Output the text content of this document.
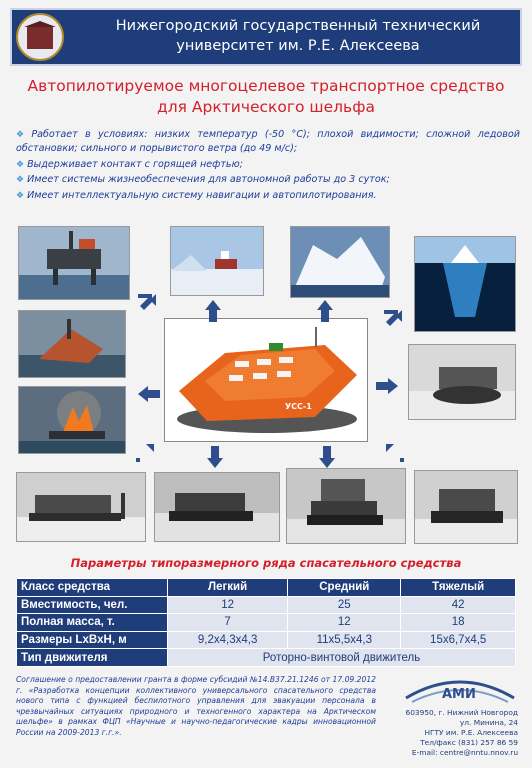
Нижегородский государственный технический
университет им. Р.Е. Алексеева
Автопилотируемое многоцелевое транспортное средство
для Арктического шельфа
❖ Работает в условиях: низких температур (-50 °С); плохой видимости; сложной ледовой обстановки; сильного и порывистого ветра (до 49 м/с);
❖ Выдерживает контакт с горящей нефтью;
❖ Имеет системы жизнеобеспечения для автономной работы до 3 суток;
❖ Имеет интеллектуальную систему навигации и автопилотирования.
УСС-1
Параметры типоразмерного ряда спасательного средства
Класс средства	Легкий	Средний	Тяжелый
Вместимость, чел.	12	25	42
Полная масса, т.	7	12	18
Размеры LxBxH, м	9,2х4,3х4,3	11х5,5х4,3	15х6,7х4,5
Тип движителя	Роторно-винтовой движитель		
Соглашение о предоставлении гранта в форме субсидий №14.В37.21.1246 от 17.09.2012 г. «Разработка концепции коллективного универсального спасательного средства нового типа с функцией беспилотного управления для эвакуации персонала в чрезвычайных ситуациях природного и техногенного характера на Арктическом шельфе» в рамках ФЦП «Научные и научно-педагогические кадры инновационной России на 2009-2013 г.г.».
АМИ
603950, г. Нижний Новгород
ул. Минина, 24
НГТУ им. Р.Е. Алексеева
Тел/факс (831) 257 86 59
E-mail: centre@nntu.nnov.ru
